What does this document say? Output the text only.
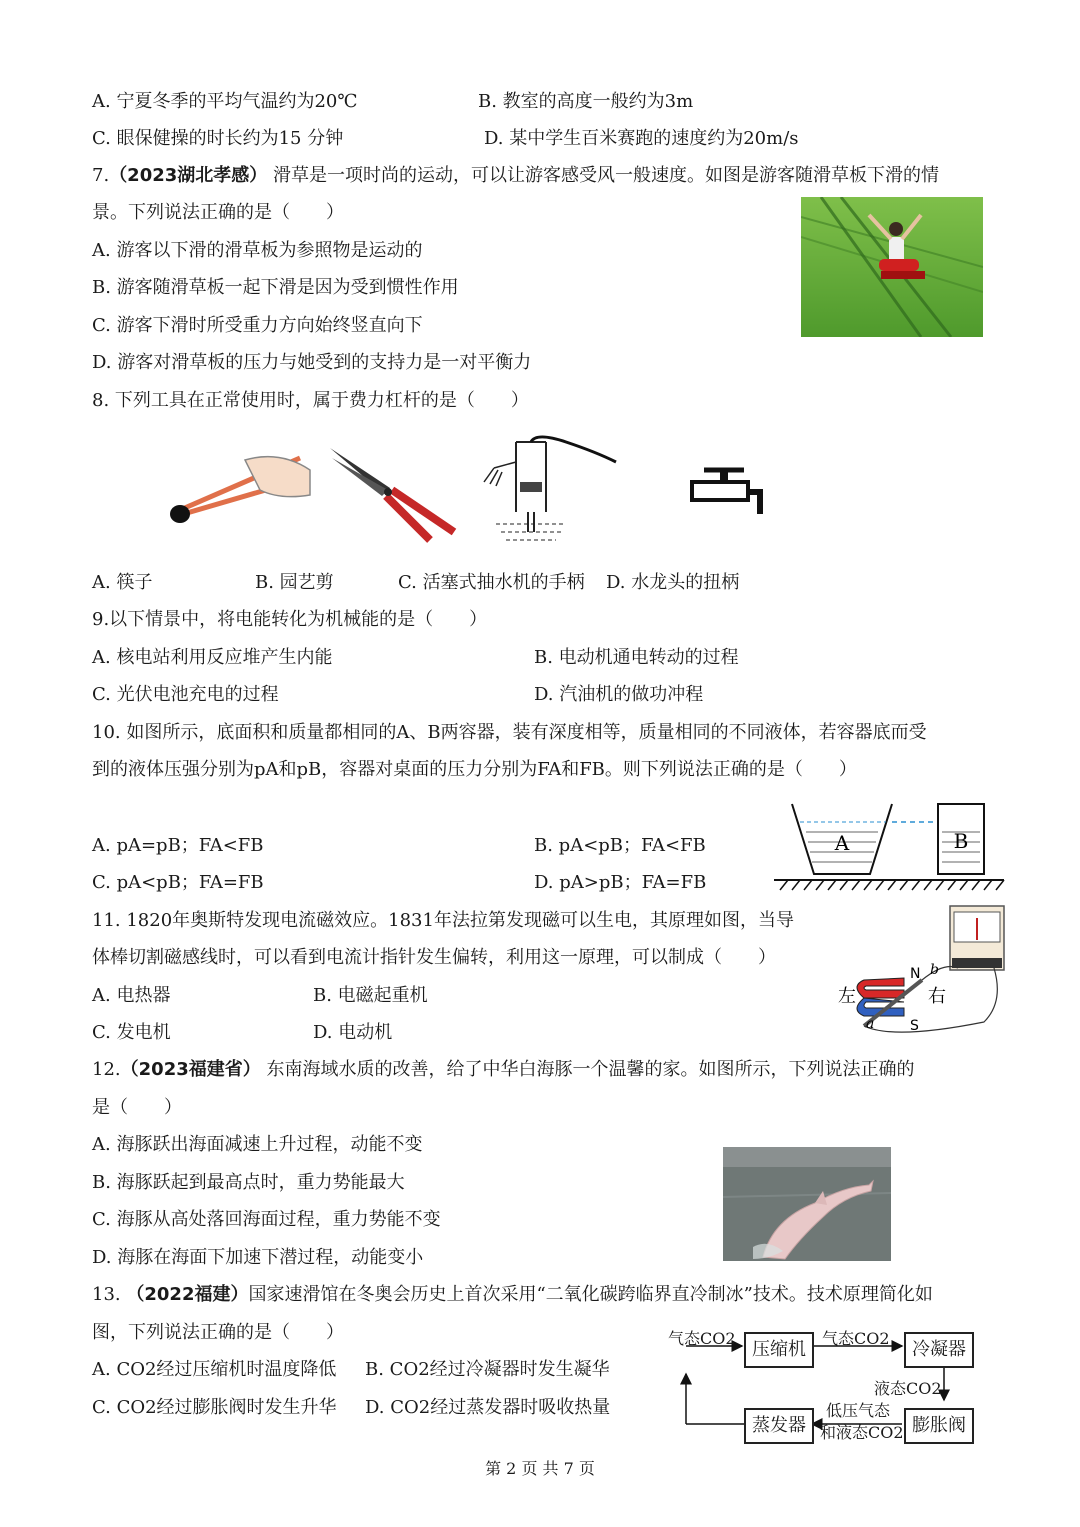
A. 宁夏冬季的平均气温约为20℃	B. 教室的高度一般约为3m
C. 眼保健操的时长约为15 分钟	D. 某中学生百米赛跑的速度约为20m/s
7.（2023湖北孝感） 滑草是一项时尚的运动，可以让游客感受风一般速度。如图是游客随滑草板下滑的情
景。下列说法正确的是（　　）
A. 游客以下滑的滑草板为参照物是运动的
B. 游客随滑草板一起下滑是因为受到惯性作用
C. 游客下滑时所受重力方向始终竖直向下
D. 游客对滑草板的压力与她受到的支持力是一对平衡力
8. 下列工具在正常使用时，属于费力杠杆的是（　　）
A. 筷子	B. 园艺剪	C. 活塞式抽水机的手柄 D. 水龙头的扭柄
9.以下情景中，将电能转化为机械能的是（　　）
A. 核电站利用反应堆产生内能	B. 电动机通电转动的过程
C. 光伏电池充电的过程	D. 汽油机的做功冲程
10. 如图所示，底面积和质量都相同的A、B两容器，装有深度相等，质量相同的不同液体，若容器底而受
到的液体压强分别为pA和pB，容器对桌面的压力分别为FA和FB。则下列说法正确的是（　　）
A. pA=pB；FA<FB	B. pA<pB；FA<FB
C. pA<pB；FA=FB	D. pA>pB；FA=FB
A	B
11. 1820年奥斯特发现电流磁效应。1831年法拉第发现磁可以生电，其原理如图，当导
体棒切割磁感线时，可以看到电流计指针发生偏转，利用这一原理，可以制成（　　）
A. 电热器	B. 电磁起重机
C. 发电机	D. 电动机
N
S
b
a
左	右
12.（2023福建省） 东南海域水质的改善，给了中华白海豚一个温馨的家。如图所示，下列说法正确的
是（　　）
A. 海豚跃出海面减速上升过程，动能不变
B. 海豚跃起到最高点时，重力势能最大
C. 海豚从高处落回海面过程，重力势能不变
D. 海豚在海面下加速下潜过程，动能变小
13. （2022福建）国家速滑馆在冬奥会历史上首次采用“二氧化碳跨临界直冷制冰”技术。技术原理简化如
图，下列说法正确的是（　　）
A. CO2经过压缩机时温度降低 B. CO2经过冷凝器时发生凝华
C. CO2经过膨胀阀时发生升华 D. CO2经过蒸发器时吸收热量
气态CO2
压缩机
气态CO2
冷凝器
液态CO2
膨胀阀
低压气态
和液态CO2
蒸发器
第 2 页 共 7 页
